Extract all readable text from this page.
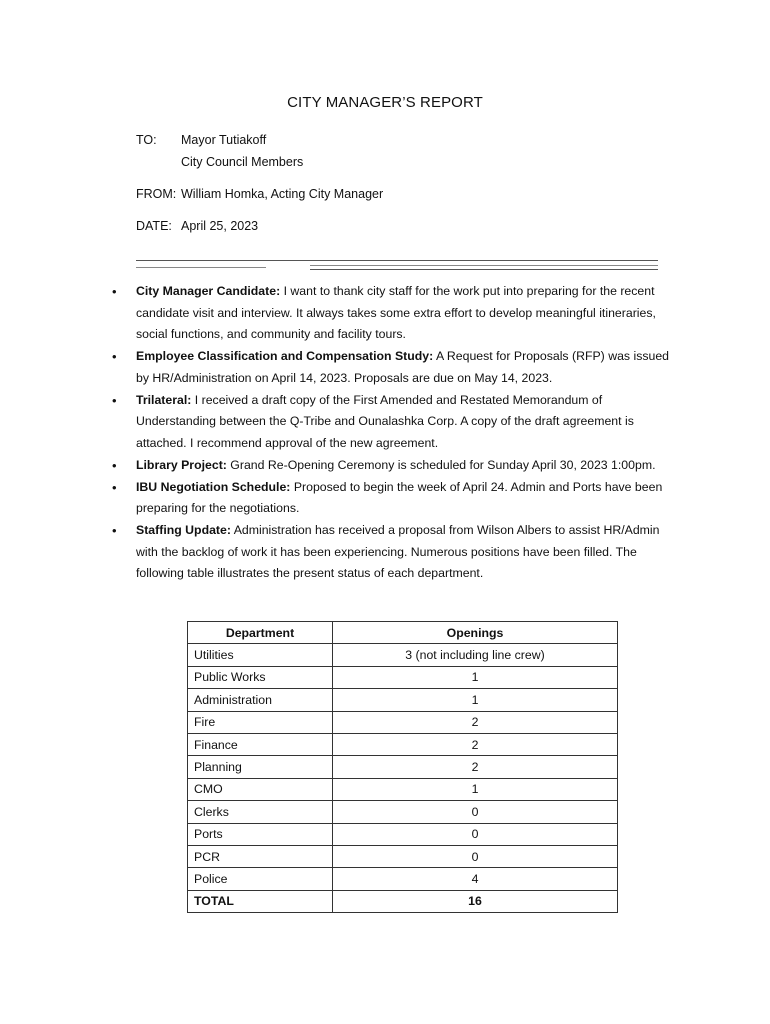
CITY MANAGER’S REPORT
TO: Mayor Tutiakoff
City Council Members
FROM: William Homka, Acting City Manager
DATE: April 25, 2023
• City Manager Candidate: I want to thank city staff for the work put into preparing for the recent candidate visit and interview. It always takes some extra effort to develop meaningful itineraries, social functions, and community and facility tours.
• Employee Classification and Compensation Study: A Request for Proposals (RFP) was issued by HR/Administration on April 14, 2023. Proposals are due on May 14, 2023.
• Trilateral: I received a draft copy of the First Amended and Restated Memorandum of Understanding between the Q-Tribe and Ounalashka Corp. A copy of the draft agreement is attached. I recommend approval of the new agreement.
• Library Project: Grand Re-Opening Ceremony is scheduled for Sunday April 30, 2023 1:00pm.
• IBU Negotiation Schedule: Proposed to begin the week of April 24. Admin and Ports have been preparing for the negotiations.
• Staffing Update: Administration has received a proposal from Wilson Albers to assist HR/Admin with the backlog of work it has been experiencing. Numerous positions have been filled. The following table illustrates the present status of each department.
Department	Openings
Utilities	3 (not including line crew)
Public Works	1
Administration	1
Fire	2
Finance	2
Planning	2
CMO	1
Clerks	0
Ports	0
PCR	0
Police	4
TOTAL	16
